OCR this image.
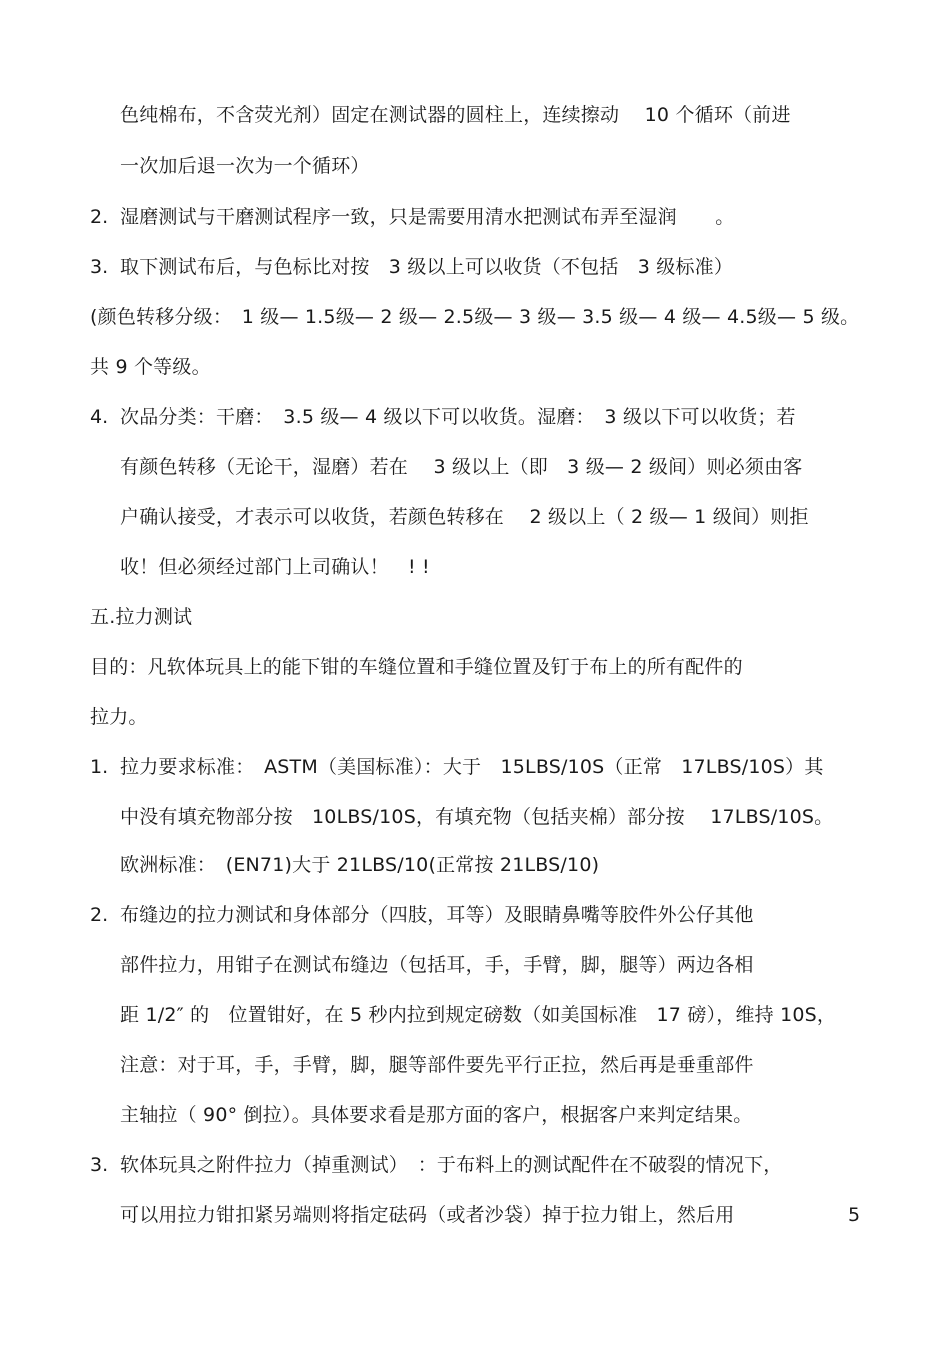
色纯棉布，不含荧光剂）固定在测试器的圆柱上，连续擦动　 10 个循环（前进
一次加后退一次为一个循环）
2. 湿磨测试与干磨测试程序一致，只是需要用清水把测试布弄至湿润　　。
3. 取下测试布后，与色标比对按　3 级以上可以收货（不包括　3 级标准）
(颜色转移分级：　1 级— 1.5级— 2 级— 2.5级— 3 级— 3.5 级— 4 级— 4.5级— 5 级。
共 9 个等级。
4. 次品分类：干磨：　3.5 级— 4 级以下可以收货。湿磨：　3 级以下可以收货；若
有颜色转移（无论干，湿磨）若在　 3 级以上（即　3 级— 2 级间）则必须由客
户确认接受，才表示可以收货，若颜色转移在　 2 级以上（ 2 级— 1 级间）则拒
收！但必须经过部门上司确认！　! !
五.拉力测试
目的：凡软体玩具上的能下钳的车缝位置和手缝位置及钉于布上的所有配件的
拉力。
1. 拉力要求标准：　ASTM（美国标准）：大于　15LBS/10S（正常　17LBS/10S）其
中没有填充物部分按　10LBS/10S，有填充物（包括夹棉）部分按　 17LBS/10S。
欧洲标准：　(EN71)大于 21LBS/10(正常按 21LBS/10)
2. 布缝边的拉力测试和身体部分（四肢，耳等）及眼睛鼻嘴等胶件外公仔其他
部件拉力，用钳子在测试布缝边（包括耳，手，手臂，脚，腿等）两边各相
距 1/2″ 的　位置钳好，在 5 秒内拉到规定磅数（如美国标准　17 磅），维持 10S，
注意：对于耳，手，手臂，脚，腿等部件要先平行正拉，然后再是垂重部件
主轴拉（ 90° 倒拉）。具体要求看是那方面的客户，根据客户来判定结果。
3. 软体玩具之附件拉力（掉重测试）　：于布料上的测试配件在不破裂的情况下，
可以用拉力钳扣紧另端则将指定砝码（或者沙袋）掉于拉力钳上，然后用	5
